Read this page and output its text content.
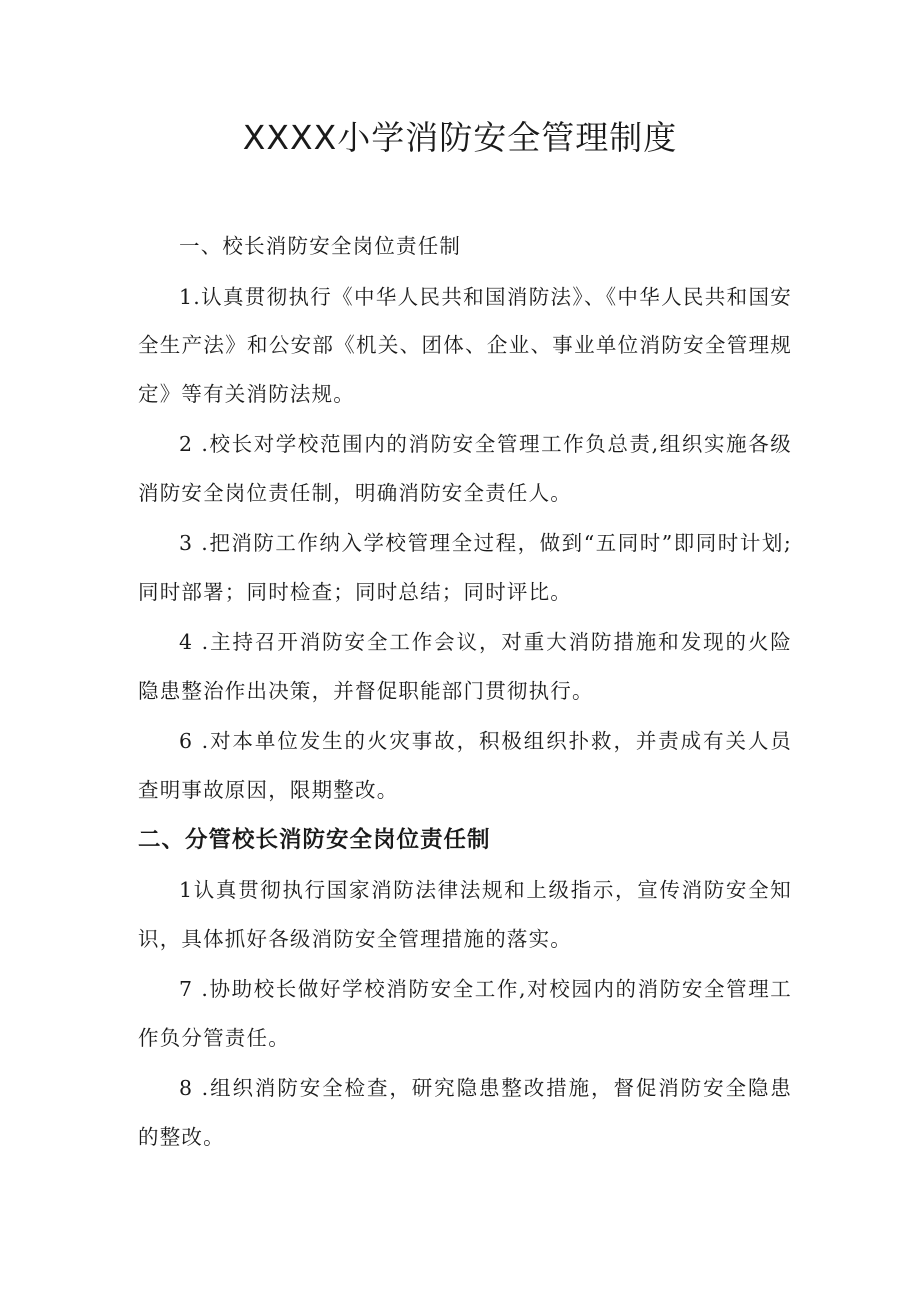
XXXX小学消防安全管理制度

一、校长消防安全岗位责任制

1.认真贯彻执行《中华人民共和国消防法》、《中华人民共和国安全生产法》和公安部《机关、团体、企业、事业单位消防安全管理规定》等有关消防法规。

2 .校长对学校范围内的消防安全管理工作负总责,组织实施各级消防安全岗位责任制，明确消防安全责任人。

3 .把消防工作纳入学校管理全过程，做到“五同时”即同时计划;同时部署；同时检查；同时总结；同时评比。

4 .主持召开消防安全工作会议，对重大消防措施和发现的火险隐患整治作出决策，并督促职能部门贯彻执行。

6 .对本单位发生的火灾事故，积极组织扑救，并责成有关人员查明事故原因，限期整改。

二、分管校长消防安全岗位责任制

1认真贯彻执行国家消防法律法规和上级指示，宣传消防安全知识，具体抓好各级消防安全管理措施的落实。

7 .协助校长做好学校消防安全工作,对校园内的消防安全管理工作负分管责任。

8 .组织消防安全检查，研究隐患整改措施，督促消防安全隐患的整改。
